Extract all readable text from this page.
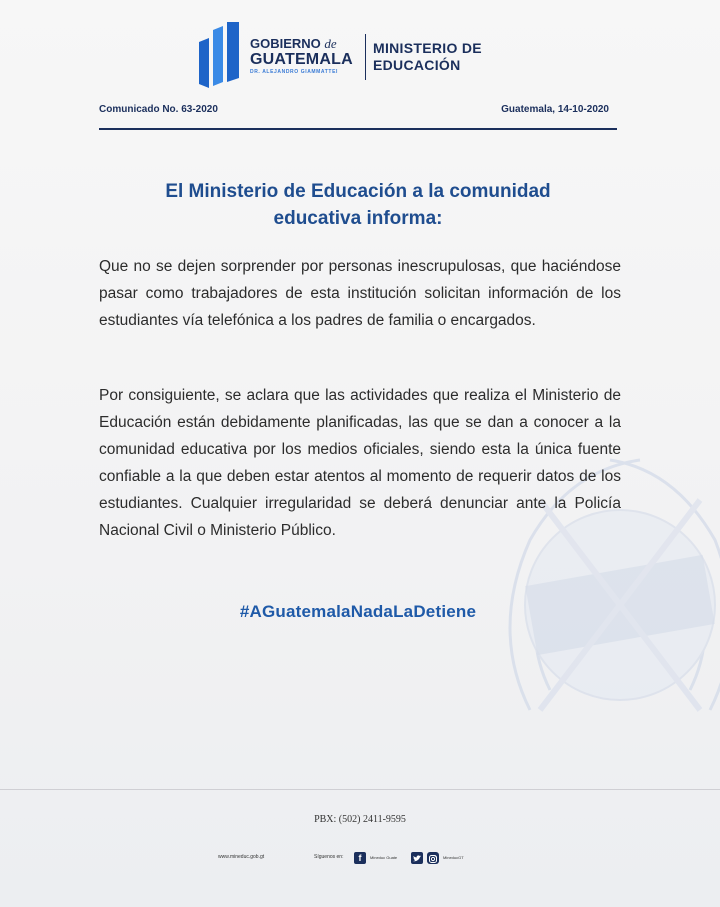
GOBIERNO de
GUATEMALA
DR. ALEJANDRO GIAMMATTEI
MINISTERIO DE
EDUCACIÓN
Comunicado No. 63-2020	Guatemala, 14-10-2020
El Ministerio de Educación a la comunidad
educativa informa:
Que no se dejen sorprender por personas inescrupulosas, que haciéndose pasar como trabajadores de esta institución solicitan información de los estudiantes vía telefónica a los padres de familia o encargados.
Por consiguiente, se aclara que las actividades que realiza el Ministerio de Educación están debidamente planificadas, las que se dan a conocer a la comunidad educativa por los medios oficiales, siendo esta la única fuente confiable a la que deben estar atentos al momento de requerir datos de los estudiantes. Cualquier irregularidad se deberá denunciar ante la Policía Nacional Civil o Ministerio Público.
#AGuatemalaNadaLaDetiene
PBX: (502) 2411-9595
www.mineduc.gob.gt	Síguenos en:	f	Mineduc Guate	MineducGT
